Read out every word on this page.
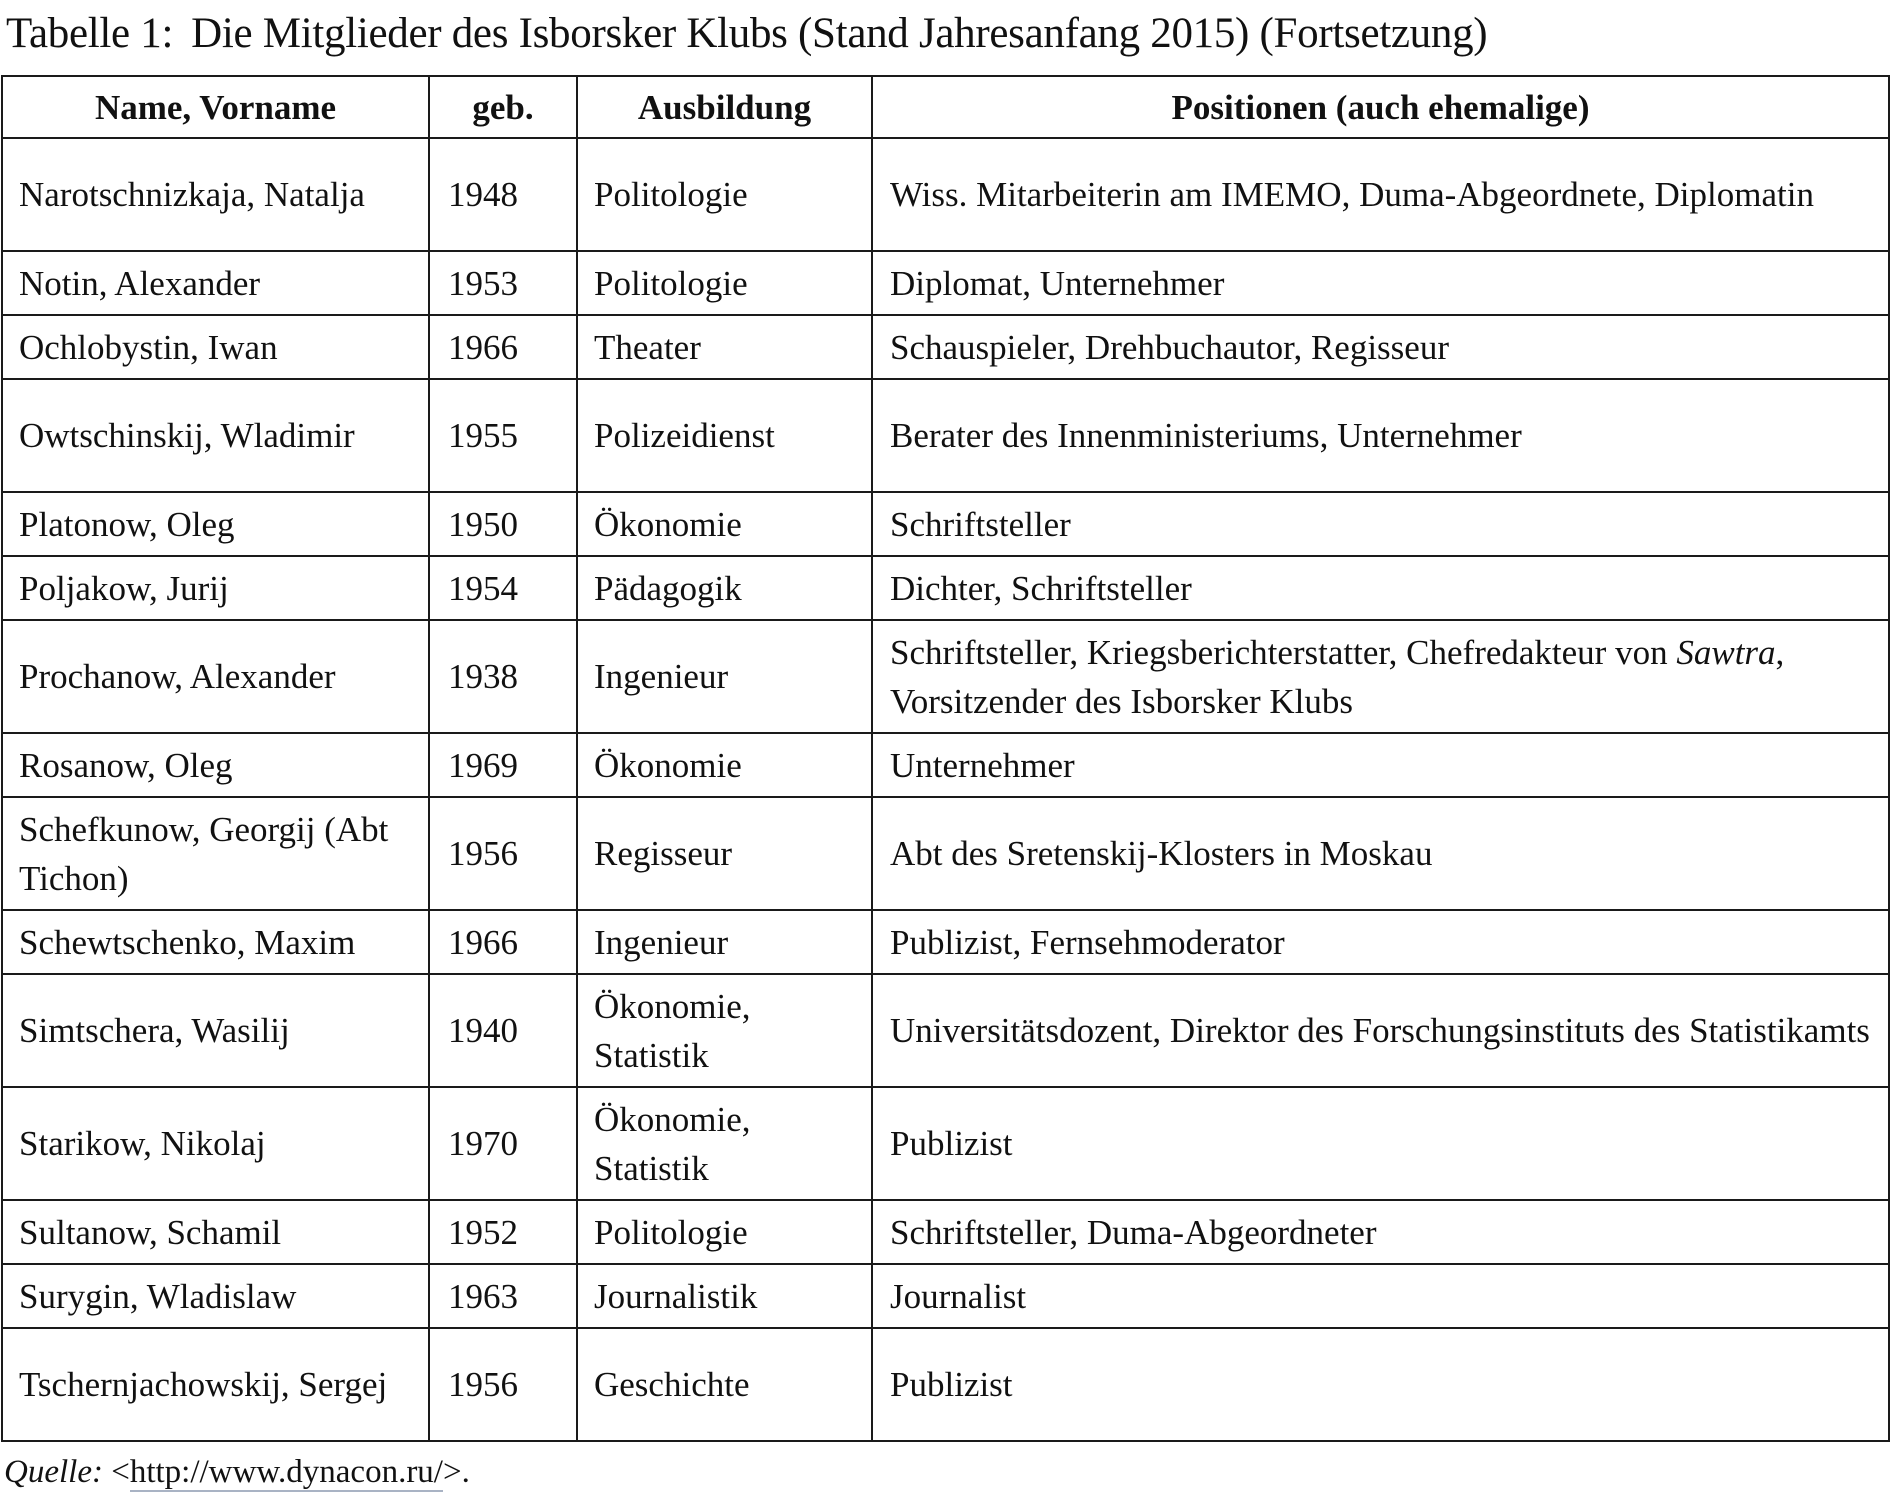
Tabelle 1: Die Mitglieder des Isborsker Klubs (Stand Jahresanfang 2015) (Fortsetzung)
Name, Vorname	geb.	Ausbildung	Positionen (auch ehemalige)
Narotschnizkaja, Natalja	1948	Politologie	Wiss. Mitarbeiterin am IMEMO, Duma-Abgeordnete, Diplomatin
Notin, Alexander	1953	Politologie	Diplomat, Unternehmer
Ochlobystin, Iwan	1966	Theater	Schauspieler, Drehbuchautor, Regisseur
Owtschinskij, Wladimir	1955	Polizeidienst	Berater des Innenministeriums, Unternehmer
Platonow, Oleg	1950	Ökonomie	Schriftsteller
Poljakow, Jurij	1954	Pädagogik	Dichter, Schriftsteller
Prochanow, Alexander	1938	Ingenieur	Schriftsteller, Kriegsberichterstatter, Chefredakteur von Sawtra, Vorsitzender des Isborsker Klubs
Rosanow, Oleg	1969	Ökonomie	Unternehmer
Schefkunow, Georgij (Abt Tichon)	1956	Regisseur	Abt des Sretenskij-Klosters in Moskau
Schewtschenko, Maxim	1966	Ingenieur	Publizist, Fernsehmoderator
Simtschera, Wasilij	1940	Ökonomie, Statistik	Universitätsdozent, Direktor des Forschungsinstituts des Statistikamts
Starikow, Nikolaj	1970	Ökonomie, Statistik	Publizist
Sultanow, Schamil	1952	Politologie	Schriftsteller, Duma-Abgeordneter
Surygin, Wladislaw	1963	Journalistik	Journalist
Tschernjachowskij, Sergej	1956	Geschichte	Publizist
Quelle: <http://www.dynacon.ru/>.
